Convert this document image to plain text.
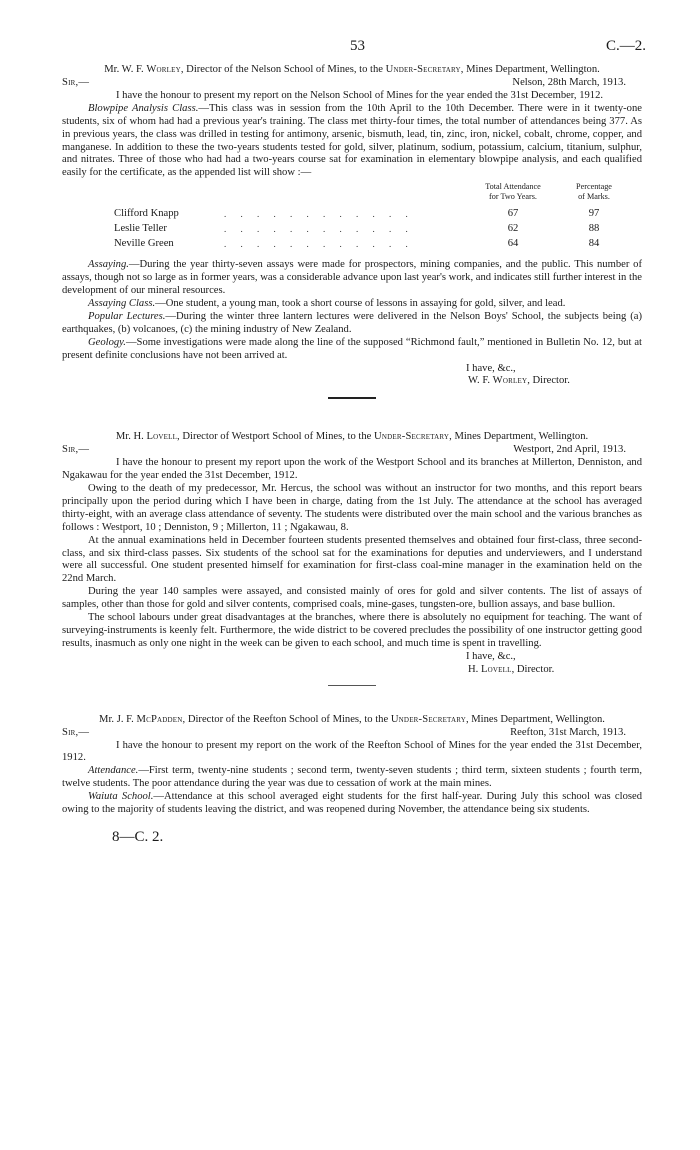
53	C.—2.

Mr. W. F. Worley, Director of the Nelson School of Mines, to the Under-Secretary, Mines Department, Wellington.

Sir,—	Nelson, 28th March, 1913.

I have the honour to present my report on the Nelson School of Mines for the year ended the 31st December, 1912.

Blowpipe Analysis Class.—This class was in session from the 10th April to the 10th December. There were in it twenty-one students, six of whom had had a previous year's training. The class met thirty-four times, the total number of attendances being 377. As in previous years, the class was drilled in testing for antimony, arsenic, bismuth, lead, tin, zinc, iron, nickel, cobalt, chrome, copper, and manganese. In addition to these the two-years students tested for gold, silver, platinum, sodium, potassium, calcium, titanium, sulphur, and nitrates. Three of those who had had a two-years course sat for examination in elementary blowpipe analysis, and each qualified easily for the certificate, as the appended list will show :—

Total Attendance
for Two Years.
Percentage
of Marks.
Clifford Knapp	. . . . . . . . . . . .	67	97
Leslie Teller	. . . . . . . . . . . .	62	88
Neville Green	. . . . . . . . . . . .	64	84

Assaying.—During the year thirty-seven assays were made for prospectors, mining companies, and the public. This number of assays, though not so large as in former years, was a considerable advance upon last year's work, and indicates still further interest in the development of our mineral resources.

Assaying Class.—One student, a young man, took a short course of lessons in assaying for gold, silver, and lead.

Popular Lectures.—During the winter three lantern lectures were delivered in the Nelson Boys' School, the subjects being (a) earthquakes, (b) volcanoes, (c) the mining industry of New Zealand.

Geology.—Some investigations were made along the line of the supposed “Richmond fault,” mentioned in Bulletin No. 12, but at present definite conclusions have not been arrived at.

I have, &c.,

W. F. Worley, Director.

Mr. H. Lovell, Director of Westport School of Mines, to the Under-Secretary, Mines Department, Wellington.

Sir,—	Westport, 2nd April, 1913.

I have the honour to present my report upon the work of the Westport School and its branches at Millerton, Denniston, and Ngakawau for the year ended the 31st December, 1912.

Owing to the death of my predecessor, Mr. Hercus, the school was without an instructor for two months, and this report bears principally upon the period during which I have been in charge, dating from the 1st July. The attendance at the school has averaged thirty-eight, with an average class attendance of seventy. The students were distributed over the main school and the various branches as follows : Westport, 10 ; Denniston, 9 ; Millerton, 11 ; Ngakawau, 8.

At the annual examinations held in December fourteen students presented themselves and obtained four first-class, three second-class, and six third-class passes. Six students of the school sat for the examinations for deputies and underviewers, and I understand were all successful. One student presented himself for examination for first-class coal-mine manager in the examination held on the 22nd March.

During the year 140 samples were assayed, and consisted mainly of ores for gold and silver contents. The list of assays of samples, other than those for gold and silver contents, comprised coals, mine-gases, tungsten-ore, bullion assays, and base bullion.

The school labours under great disadvantages at the branches, where there is absolutely no equipment for teaching. The want of surveying-instruments is keenly felt. Furthermore, the wide district to be covered precludes the possibility of one instructor getting good results, inasmuch as only one night in the week can be given to each school, and much time is spent in travelling.

I have, &c.,

H. Lovell, Director.

Mr. J. F. McPadden, Director of the Reefton School of Mines, to the Under-Secretary, Mines Department, Wellington.

Sir,—	Reefton, 31st March, 1913.

I have the honour to present my report on the work of the Reefton School of Mines for the year ended the 31st December, 1912.

Attendance.—First term, twenty-nine students ; second term, twenty-seven students ; third term, sixteen students ; fourth term, twelve students. The poor attendance during the year was due to cessation of work at the main mines.

Waiuta School.—Attendance at this school averaged eight students for the first half-year. During July this school was closed owing to the majority of students leaving the district, and was reopened during November, the attendance being six students.

8—C. 2.
